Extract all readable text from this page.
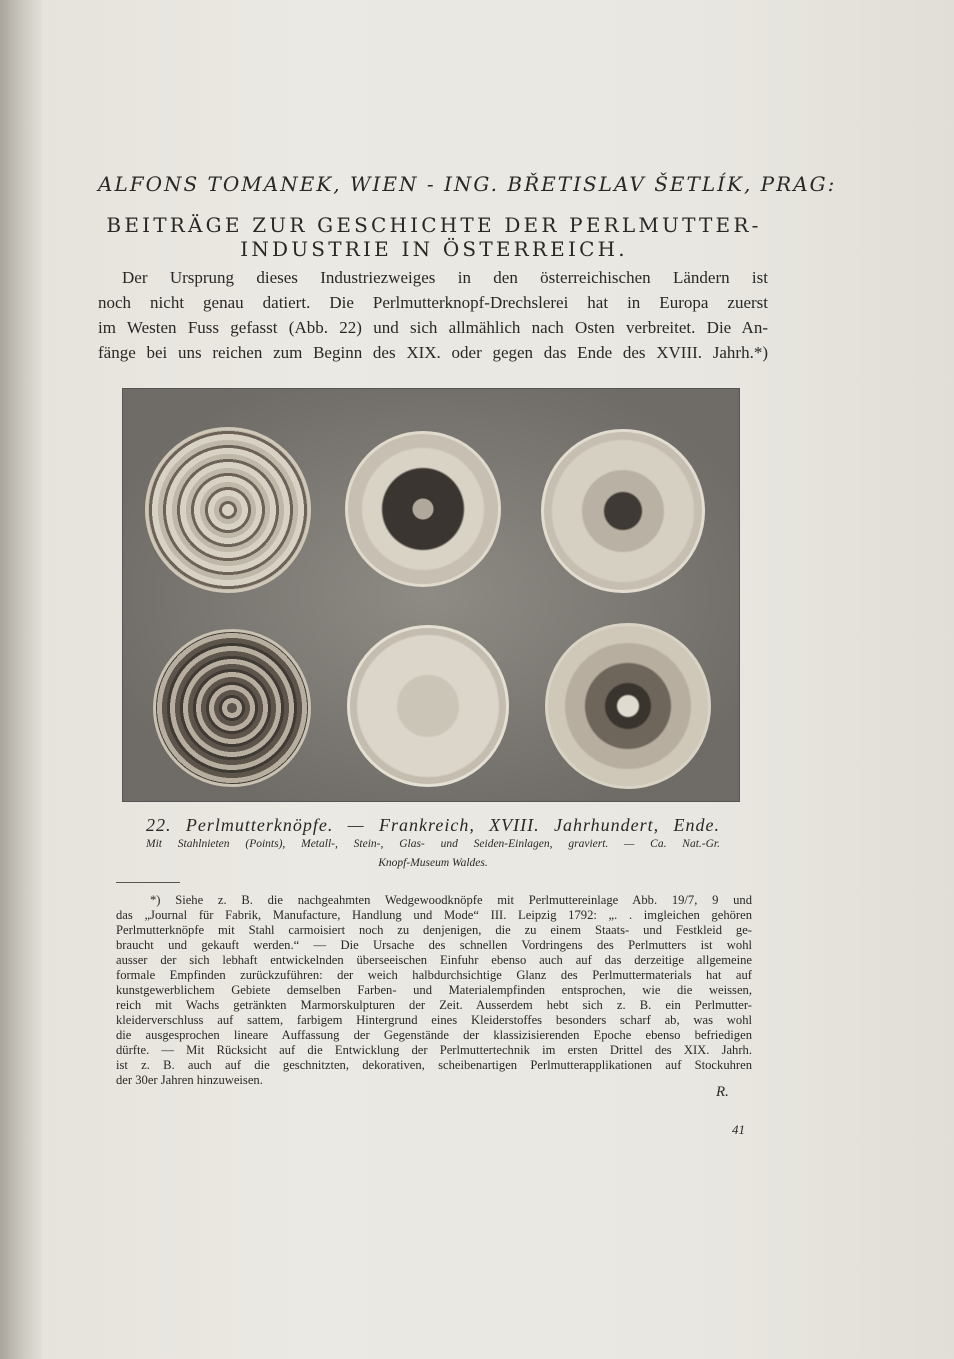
ALFONS TOMANEK, WIEN - ING. BŘETISLAV ŠETLÍK, PRAG:
BEITRÄGE ZUR GESCHICHTE DER PERLMUTTER-
INDUSTRIE IN ÖSTERREICH.
Der Ursprung dieses Industriezweiges in den österreichischen Ländern ist
noch nicht genau datiert. Die Perlmutterknopf-Drechslerei hat in Europa zuerst
im Westen Fuss gefasst (Abb. 22) und sich allmählich nach Osten verbreitet. Die An-
fänge bei uns reichen zum Beginn des XIX. oder gegen das Ende des XVIII. Jahrh.*)
22. Perlmutterknöpfe. — Frankreich, XVIII. Jahrhundert, Ende.
Mit Stahlnieten (Points), Metall-, Stein-, Glas- und Seiden-Einlagen, graviert. — Ca. Nat.-Gr.
Knopf-Museum Waldes.
*) Siehe z. B. die nachgeahmten Wedgewoodknöpfe mit Perlmuttereinlage Abb. 19/7, 9 und
das „Journal für Fabrik, Manufacture, Handlung und Mode“ III. Leipzig 1792: „. . imgleichen gehören
Perlmutterknöpfe mit Stahl carmoisiert noch zu denjenigen, die zu einem Staats- und Festkleid ge-
braucht und gekauft werden.“ — Die Ursache des schnellen Vordringens des Perlmutters ist wohl
ausser der sich lebhaft entwickelnden überseeischen Einfuhr ebenso auch auf das derzeitige allgemeine
formale Empfinden zurückzuführen: der weich halbdurchsichtige Glanz des Perlmuttermaterials hat auf
kunstgewerblichem Gebiete demselben Farben- und Materialempfinden entsprochen, wie die weissen,
reich mit Wachs getränkten Marmorskulpturen der Zeit. Ausserdem hebt sich z. B. ein Perlmutter-
kleiderverschluss auf sattem, farbigem Hintergrund eines Kleiderstoffes besonders scharf ab, was wohl
die ausgesprochen lineare Auffassung der Gegenstände der klassizisierenden Epoche ebenso befriedigen
dürfte. — Mit Rücksicht auf die Entwicklung der Perlmuttertechnik im ersten Drittel des XIX. Jahrh.
ist z. B. auch auf die geschnitzten, dekorativen, scheibenartigen Perlmutterapplikationen auf Stockuhren
der 30er Jahren hinzuweisen.
R.
41
